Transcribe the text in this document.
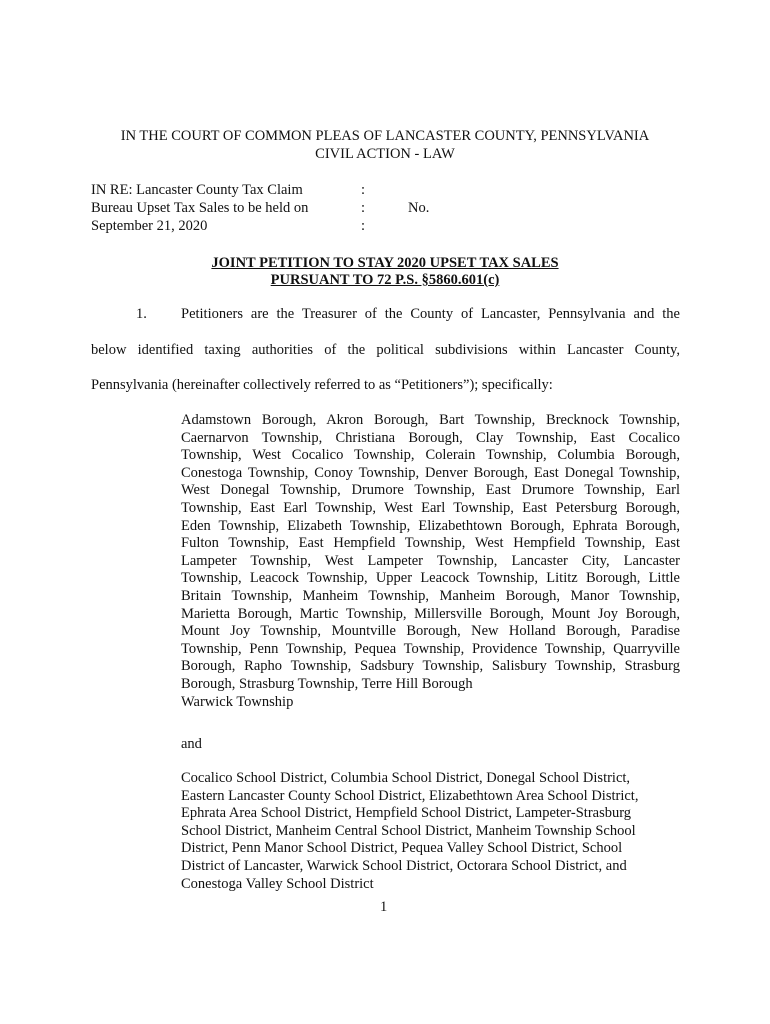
IN THE COURT OF COMMON PLEAS OF LANCASTER COUNTY, PENNSYLVANIA
CIVIL ACTION - LAW
IN RE: Lancaster County Tax Claim
Bureau Upset Tax Sales to be held on
September 21, 2020
:
:
:
No.
JOINT PETITION TO STAY 2020 UPSET TAX SALES
PURSUANT TO 72 P.S. §5860.601(c)
1. Petitioners are the Treasurer of the County of Lancaster, Pennsylvania and the
below identified taxing authorities of the political subdivisions within Lancaster County,
Pennsylvania (hereinafter collectively referred to as “Petitioners”); specifically:
Adamstown Borough, Akron Borough, Bart Township, Brecknock Township,
Caernarvon Township, Christiana Borough, Clay Township, East Cocalico
Township, West Cocalico Township, Colerain Township, Columbia Borough,
Conestoga Township, Conoy Township, Denver Borough, East Donegal Township,
West Donegal Township, Drumore Township, East Drumore Township, Earl
Township, East Earl Township, West Earl Township, East Petersburg Borough,
Eden Township, Elizabeth Township, Elizabethtown Borough, Ephrata Borough,
Fulton Township, East Hempfield Township, West Hempfield Township, East
Lampeter Township, West Lampeter Township, Lancaster City, Lancaster
Township, Leacock Township, Upper Leacock Township, Lititz Borough, Little
Britain Township, Manheim Township, Manheim Borough, Manor Township,
Marietta Borough, Martic Township, Millersville Borough, Mount Joy Borough,
Mount Joy Township, Mountville Borough, New Holland Borough, Paradise
Township, Penn Township, Pequea Township, Providence Township, Quarryville
Borough, Rapho Township, Sadsbury Township, Salisbury Township, Strasburg
Borough, Strasburg Township, Terre Hill Borough
Warwick Township
and
Cocalico School District, Columbia School District, Donegal School District,
Eastern Lancaster County School District, Elizabethtown Area School District,
Ephrata Area School District, Hempfield School District, Lampeter-Strasburg
School District, Manheim Central School District, Manheim Township School
District, Penn Manor School District, Pequea Valley School District, School
District of Lancaster, Warwick School District, Octorara School District, and
Conestoga Valley School District
1
